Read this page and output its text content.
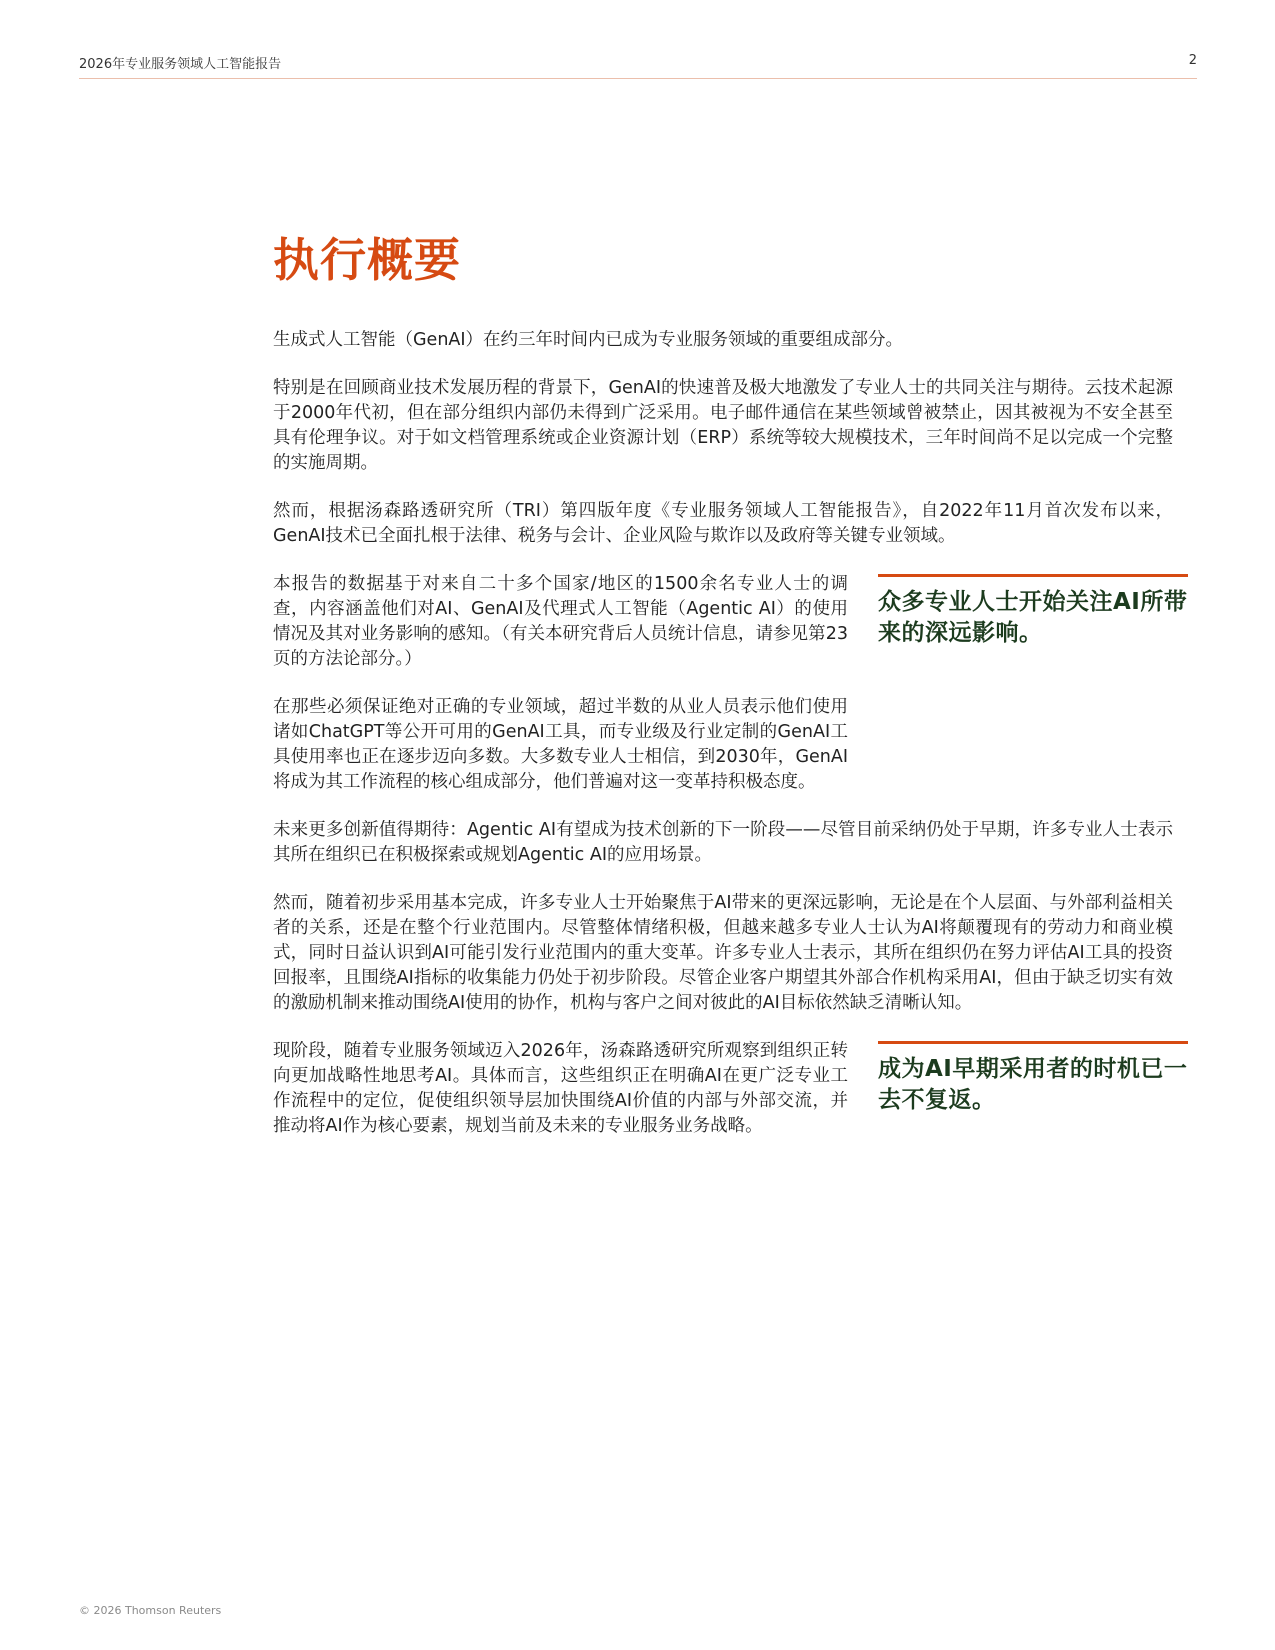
2026年专业服务领域人工智能报告	2
执行概要

生成式人工智能（GenAI）在约三年时间内已成为专业服务领域的重要组成部分。

特别是在回顾商业技术发展历程的背景下，GenAI的快速普及极大地激发了专业人士的共同关注与期待。云技术起源于2000年代初，但在部分组织内部仍未得到广泛采用。电子邮件通信在某些领域曾被禁止，因其被视为不安全甚至具有伦理争议。对于如文档管理系统或企业资源计划（ERP）系统等较大规模技术，三年时间尚不足以完成一个完整的实施周期。

然而，根据汤森路透研究所（TRI）第四版年度《专业服务领域人工智能报告》，自2022年11月首次发布以来，GenAI技术已全面扎根于法律、税务与会计、企业风险与欺诈以及政府等关键专业领域。

本报告的数据基于对来自二十多个国家/地区的1500余名专业人士的调查，内容涵盖他们对AI、GenAI及代理式人工智能（Agentic AI）的使用情况及其对业务影响的感知。（有关本研究背后人员统计信息，请参见第23页的方法论部分。）

在那些必须保证绝对正确的专业领域，超过半数的从业人员表示他们使用诸如ChatGPT等公开可用的GenAI工具，而专业级及行业定制的GenAI工具使用率也正在逐步迈向多数。大多数专业人士相信，到2030年，GenAI将成为其工作流程的核心组成部分，他们普遍对这一变革持积极态度。

众多专业人士开始关注AI所带来的深远影响。

未来更多创新值得期待：Agentic AI有望成为技术创新的下一阶段——尽管目前采纳仍处于早期，许多专业人士表示其所在组织已在积极探索或规划Agentic AI的应用场景。

然而，随着初步采用基本完成，许多专业人士开始聚焦于AI带来的更深远影响，无论是在个人层面、与外部利益相关者的关系，还是在整个行业范围内。尽管整体情绪积极，但越来越多专业人士认为AI将颠覆现有的劳动力和商业模式，同时日益认识到AI可能引发行业范围内的重大变革。许多专业人士表示，其所在组织仍在努力评估AI工具的投资回报率，且围绕AI指标的收集能力仍处于初步阶段。尽管企业客户期望其外部合作机构采用AI，但由于缺乏切实有效的激励机制来推动围绕AI使用的协作，机构与客户之间对彼此的AI目标依然缺乏清晰认知。

现阶段，随着专业服务领域迈入2026年，汤森路透研究所观察到组织正转向更加战略性地思考AI。具体而言，这些组织正在明确AI在更广泛专业工作流程中的定位，促使组织领导层加快围绕AI价值的内部与外部交流，并推动将AI作为核心要素，规划当前及未来的专业服务业务战略。

成为AI早期采用者的时机已一去不复返。
© 2026 Thomson Reuters
